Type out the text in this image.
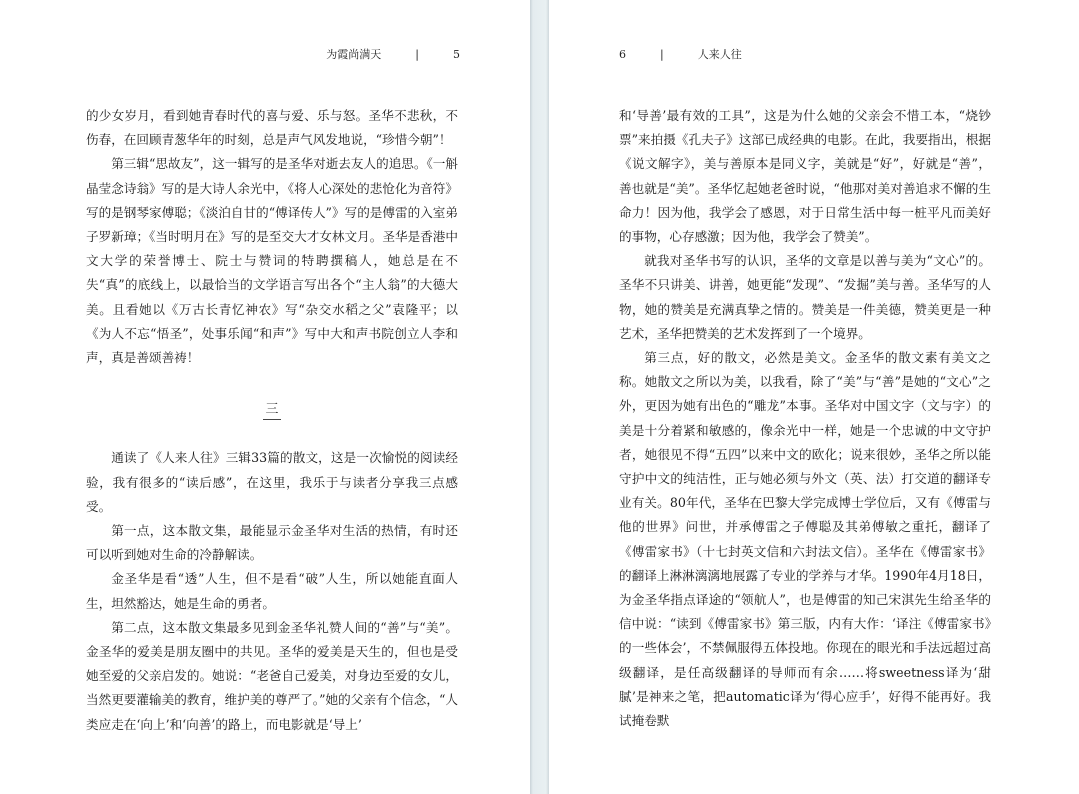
为霞尚满天	|	5

的少女岁月，看到她青春时代的喜与爱、乐与怒。圣华不悲秋，不伤春，在回顾青葱华年的时刻，总是声气风发地说，“珍惜今朝”！

第三辑“思故友”，这一辑写的是圣华对逝去友人的追思。《一斛晶莹念诗翁》写的是大诗人余光中，《将人心深处的悲怆化为音符》写的是钢琴家傅聪；《淡泊自甘的“傅译传人”》写的是傅雷的入室弟子罗新璋；《当时明月在》写的是至交大才女林文月。圣华是香港中文大学的荣誉博士、院士与赞词的特聘撰稿人，她总是在不失“真”的底线上，以最恰当的文学语言写出各个“主人翁”的大德大美。且看她以《万古长青忆神农》写“杂交水稻之父”袁隆平；以《为人不忘“悟圣”，处事乐闻“和声”》写中大和声书院创立人李和声，真是善颂善祷！

三

通读了《人来人往》三辑33篇的散文，这是一次愉悦的阅读经验，我有很多的“读后感”，在这里，我乐于与读者分享我三点感受。

第一点，这本散文集，最能显示金圣华对生活的热情，有时还可以听到她对生命的冷静解读。

金圣华是看“透”人生，但不是看“破”人生，所以她能直面人生，坦然豁达，她是生命的勇者。

第二点，这本散文集最多见到金圣华礼赞人间的“善”与“美”。金圣华的爱美是朋友圈中的共见。圣华的爱美是天生的，但也是受她至爱的父亲启发的。她说：“老爸自己爱美，对身边至爱的女儿，当然更要灌输美的教育，维护美的尊严了。”她的父亲有个信念，“人类应走在‘向上’和‘向善’的路上，而电影就是‘导上’

6	|	人来人往

和‘导善’最有效的工具”，这是为什么她的父亲会不惜工本，“烧钞票”来拍摄《孔夫子》这部已成经典的电影。在此，我要指出，根据《说文解字》，美与善原本是同义字，美就是“好”，好就是“善”，善也就是“美”。圣华忆起她老爸时说，“他那对美对善追求不懈的生命力！因为他，我学会了感恩，对于日常生活中每一桩平凡而美好的事物，心存感激；因为他，我学会了赞美”。

就我对圣华书写的认识，圣华的文章是以善与美为“文心”的。圣华不只讲美、讲善，她更能“发现”、“发掘”美与善。圣华写的人物，她的赞美是充满真挚之情的。赞美是一件美德，赞美更是一种艺术，圣华把赞美的艺术发挥到了一个境界。

第三点，好的散文，必然是美文。金圣华的散文素有美文之称。她散文之所以为美，以我看，除了“美”与“善”是她的“文心”之外，更因为她有出色的“雕龙”本事。圣华对中国文字（文与字）的美是十分着紧和敏感的，像余光中一样，她是一个忠诚的中文守护者，她很见不得“五四”以来中文的欧化；说来很妙，圣华之所以能守护中文的纯洁性，正与她必须与外文（英、法）打交道的翻译专业有关。80年代，圣华在巴黎大学完成博士学位后，又有《傅雷与他的世界》问世，并承傅雷之子傅聪及其弟傅敏之重托，翻译了《傅雷家书》（十七封英文信和六封法文信）。圣华在《傅雷家书》的翻译上淋淋漓漓地展露了专业的学养与才华。1990年4月18日，为金圣华指点译途的“领航人”，也是傅雷的知己宋淇先生给圣华的信中说：“读到《傅雷家书》第三版，内有大作：‘译注《傅雷家书》的一些体会’，不禁佩服得五体投地。你现在的眼光和手法远超过高级翻译，是任高级翻译的导师而有余……将sweetness译为‘甜腻’是神来之笔，把automatic译为‘得心应手’，好得不能再好。我试掩卷默
